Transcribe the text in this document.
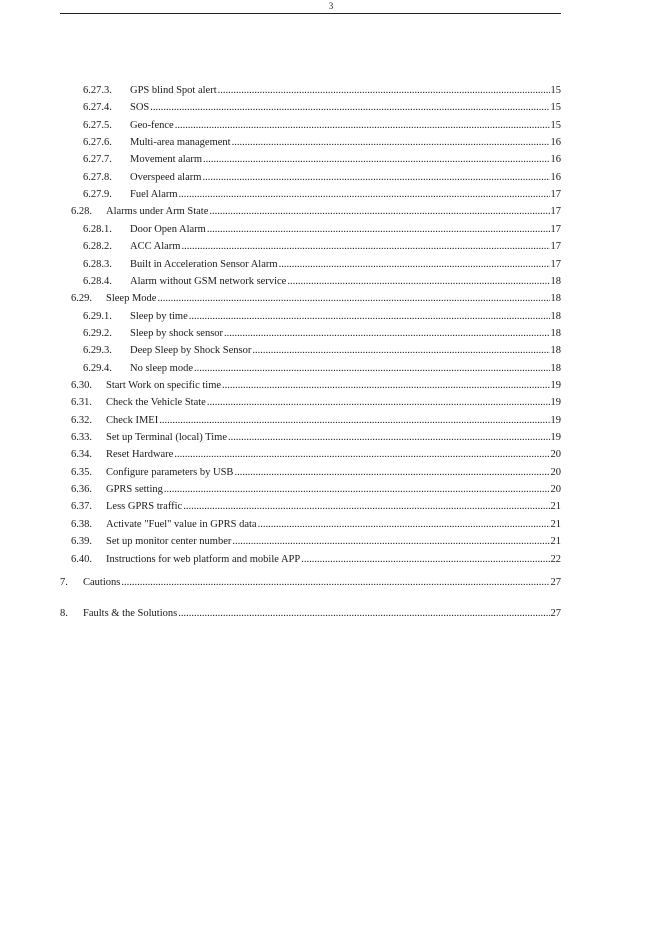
3
6.27.3.	GPS blind Spot alert .....	15
6.27.4.	SOS .....	15
6.27.5.	Geo-fence .....	15
6.27.6.	Multi-area management .....	16
6.27.7.	Movement alarm .....	16
6.27.8.	Overspeed alarm .....	16
6.27.9.	Fuel Alarm .....	17
6.28.	Alarms under Arm State .....	17
6.28.1.	Door Open Alarm .....	17
6.28.2.	ACC Alarm .....	17
6.28.3.	Built in Acceleration Sensor Alarm .....	17
6.28.4.	Alarm without GSM network service .....	18
6.29.	Sleep Mode .....	18
6.29.1.	Sleep by time .....	18
6.29.2.	Sleep by shock sensor .....	18
6.29.3.	Deep Sleep by Shock Sensor .....	18
6.29.4.	No sleep mode .....	18
6.30.	Start Work on specific time .....	19
6.31.	Check the Vehicle State .....	19
6.32.	Check IMEI .....	19
6.33.	Set up Terminal (local) Time .....	19
6.34.	Reset Hardware .....	20
6.35.	Configure parameters by USB .....	20
6.36.	GPRS setting .....	20
6.37.	Less GPRS traffic .....	21
6.38.	Activate "Fuel" value in GPRS data .....	21
6.39.	Set up monitor center number .....	21
6.40.	Instructions for web platform and mobile APP .....	22
7.	Cautions .....	27
8.	Faults & the Solutions .....	27
